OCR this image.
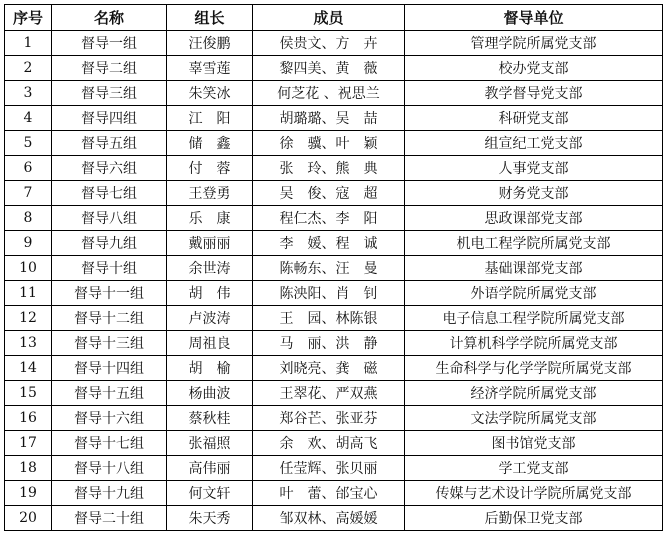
序号	名称	组长	成员	督导单位
1	督导一组	汪俊鹏	侯贵文、方　卉	管理学院所属党支部
2	督导二组	辜雪莲	黎四美、黄　薇	校办党支部
3	督导三组	朱笑冰	何芝花 、祝思兰	教学督导党支部
4	督导四组	江　阳	胡璐璐、吴　喆	科研党支部
5	督导五组	储　鑫	徐　骥、叶　颖	组宣纪工党支部
6	督导六组	付　蓉	张　玲、熊　典	人事党支部
7	督导七组	王登勇	吴　俊、寇　超	财务党支部
8	督导八组	乐　康	程仁杰、李　阳	思政课部党支部
9	督导九组	戴丽丽	李　媛、程　诚	机电工程学院所属党支部
10	督导十组	余世涛	陈畅东、汪　曼	基础课部党支部
11	督导十一组	胡　伟	陈泱阳、肖　钊	外语学院所属党支部
12	督导十二组	卢波涛	王　园、林陈银	电子信息工程学院所属党支部
13	督导十三组	周祖良	马　丽、洪　静	计算机科学学院所属党支部
14	督导十四组	胡　榆	刘晓亮、龚　磁	生命科学与化学学院所属党支部
15	督导十五组	杨曲波	王翠花、严双燕	经济学院所属党支部
16	督导十六组	蔡秋桂	郑谷芒、张亚芬	文法学院所属党支部
17	督导十七组	张福照	余　欢、胡高飞	图书馆党支部
18	督导十八组	高伟丽	任莹辉、张贝丽	学工党支部
19	督导十九组	何文轩	叶　蕾、邰宝心	传媒与艺术设计学院所属党支部
20	督导二十组	朱天秀	邹双林、高媛媛	后勤保卫党支部
